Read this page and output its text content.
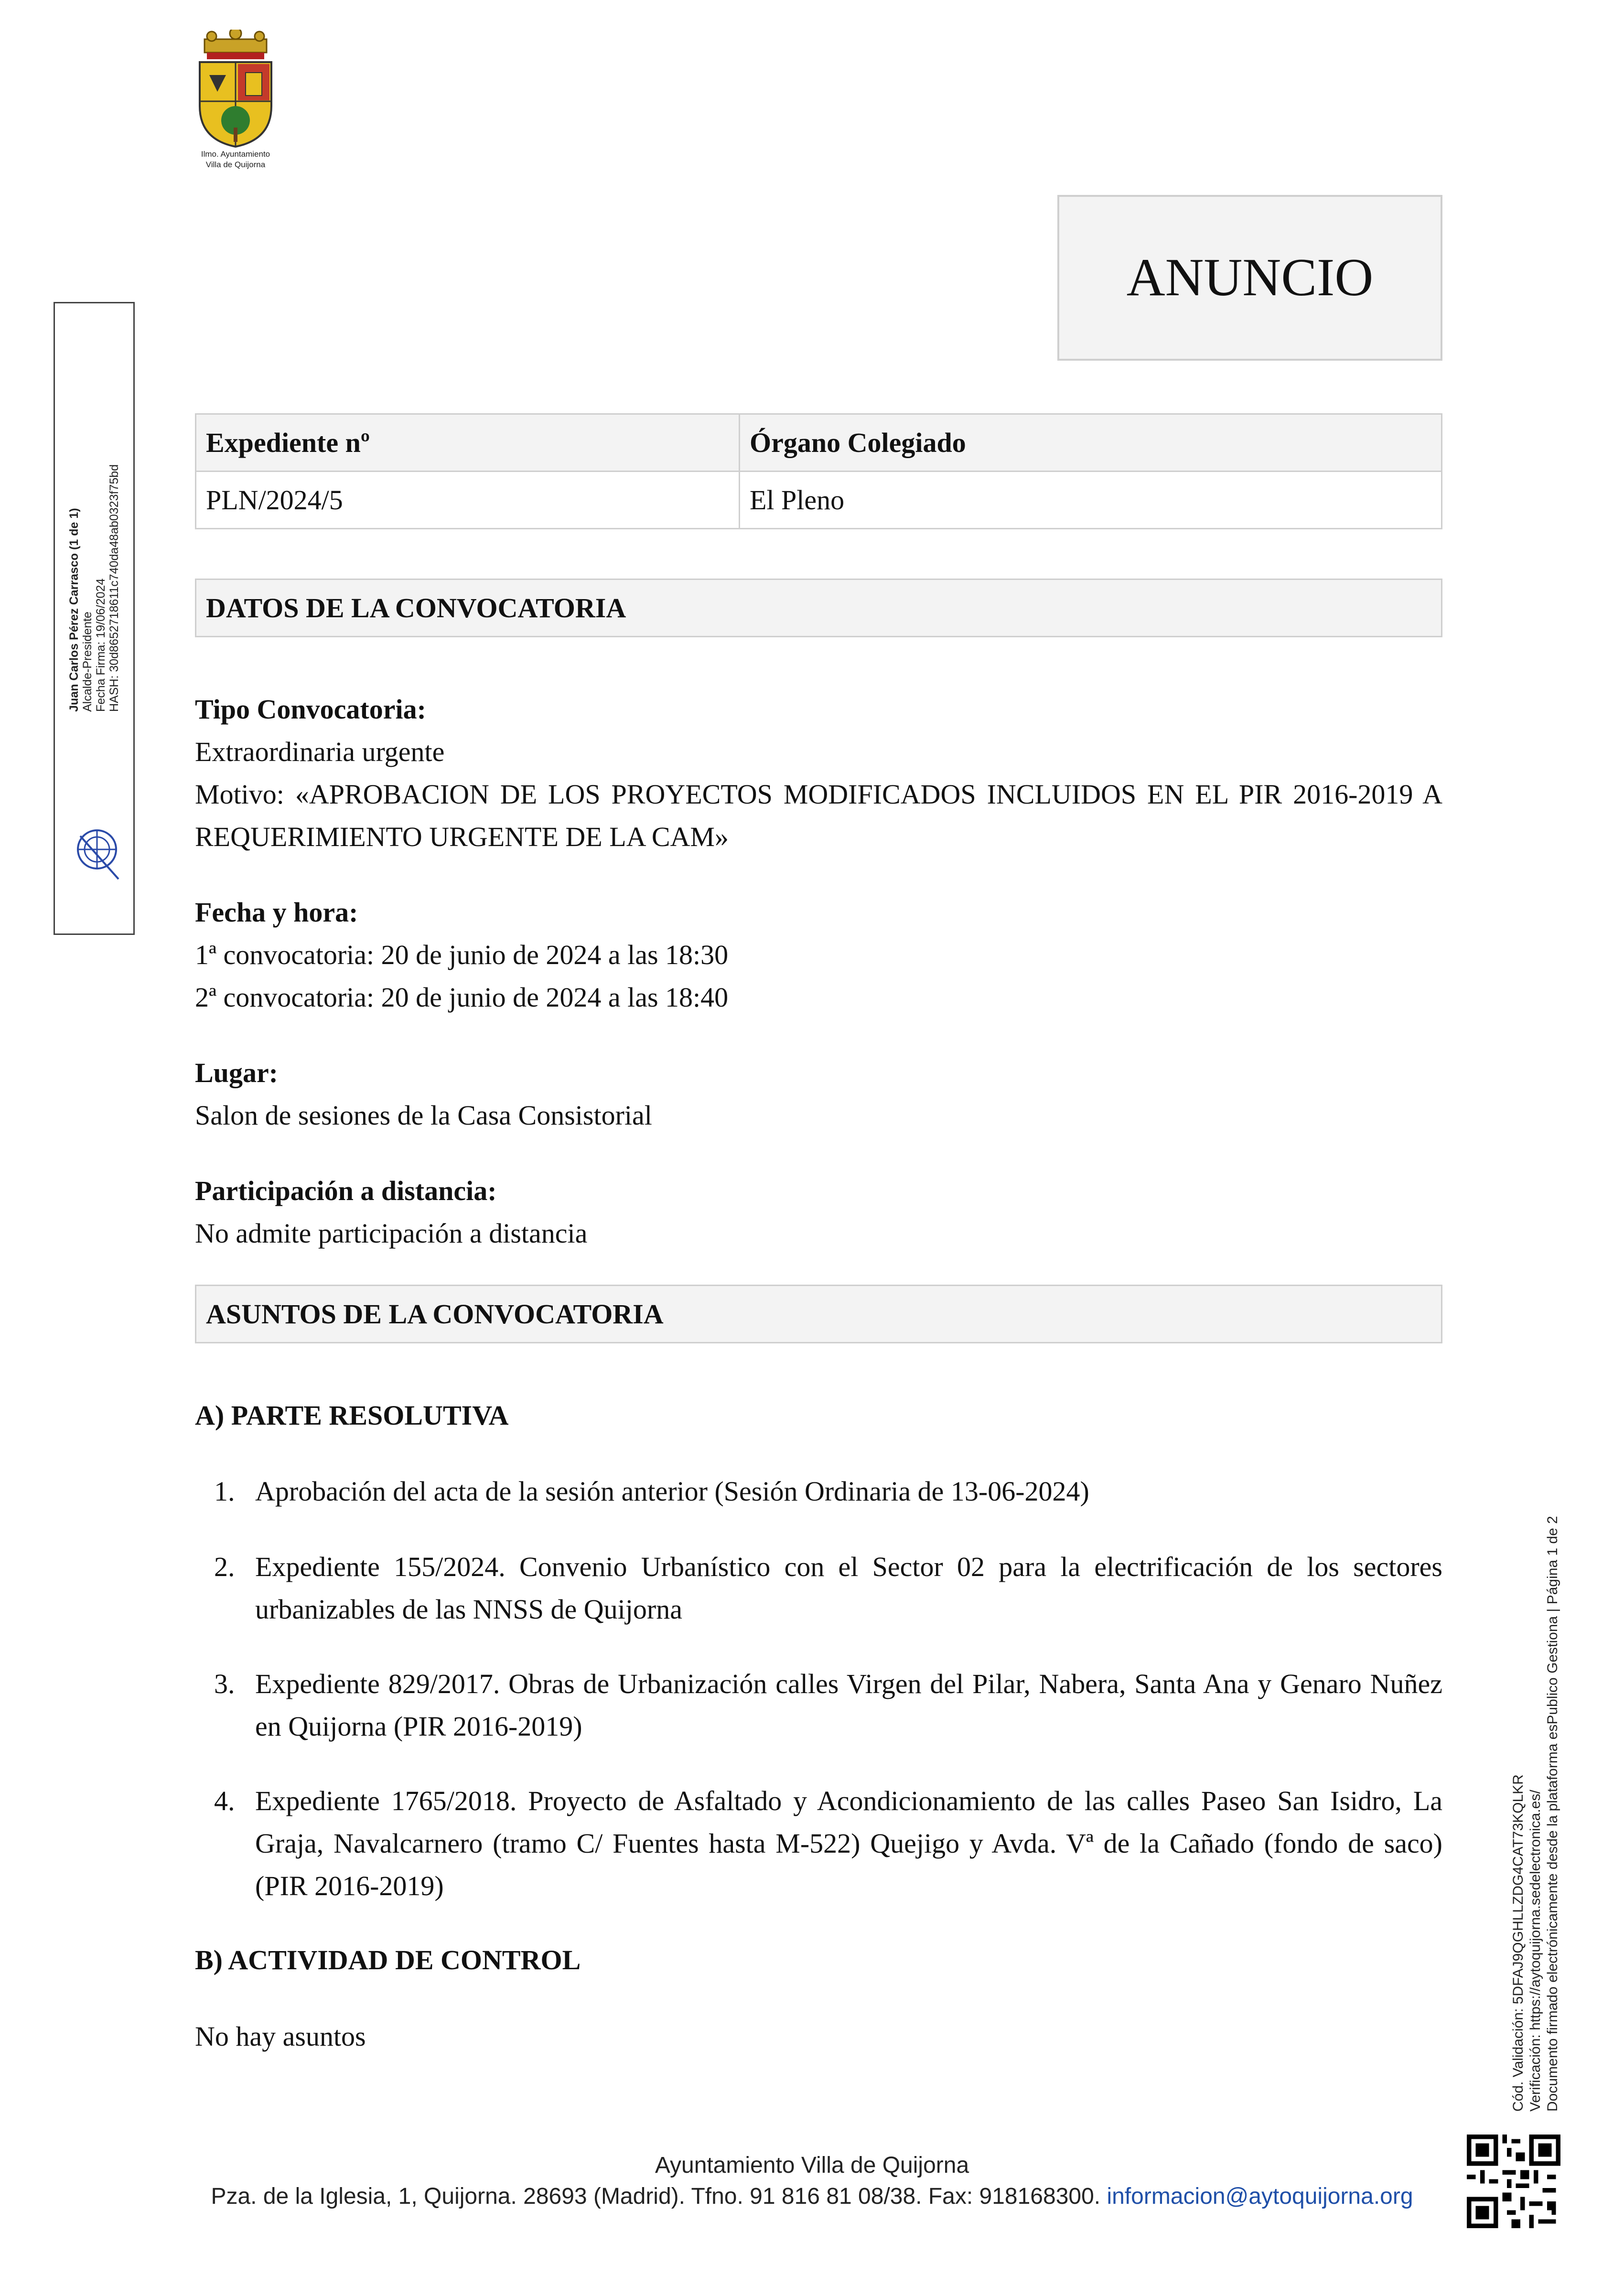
Ilmo. Ayuntamiento
Villa de Quijorna
ANUNCIO
Juan Carlos Pérez Carrasco (1 de 1) Alcalde-Presidente Fecha Firma: 19/06/2024 HASH: 30d8652718611c740da48ab0323f75bd
Expediente nº	Órgano Colegiado
PLN/2024/5	El Pleno
DATOS DE LA CONVOCATORIA

Tipo Convocatoria:

Extraordinaria urgente

Motivo: «APROBACION DE LOS PROYECTOS MODIFICADOS INCLUIDOS EN EL PIR 2016-2019 A REQUERIMIENTO URGENTE DE LA CAM»

Fecha y hora:

1ª convocatoria: 20 de junio de 2024 a las 18:30

2ª convocatoria: 20 de junio de 2024 a las 18:40

Lugar:

Salon de sesiones de la Casa Consistorial

Participación a distancia:

No admite participación a distancia

ASUNTOS DE LA CONVOCATORIA
A) PARTE RESOLUTIVA
1. Aprobación del acta de la sesión anterior (Sesión Ordinaria de 13-06-2024)
2. Expediente 155/2024. Convenio Urbanístico con el Sector 02 para la electrificación de los sectores urbanizables de las NNSS de Quijorna
3. Expediente 829/2017. Obras de Urbanización calles Virgen del Pilar, Nabera, Santa Ana y Genaro Nuñez en Quijorna (PIR 2016-2019)
4. Expediente 1765/2018. Proyecto de Asfaltado y Acondicionamiento de las calles Paseo San Isidro, La Graja, Navalcarnero (tramo C/ Fuentes hasta M-522) Quejigo y Avda. Vª de la Cañado (fondo de saco) (PIR 2016-2019)
B) ACTIVIDAD DE CONTROL
No hay asuntos	Cód. Validación: 5DFAJ9QGHLLZDG4CAT73KQLKR Verificación: https://aytoquijorna.sedelectronica.es/ Documento firmado electrónicamente desde la plataforma esPublico Gestiona | Página 1 de 2
Ayuntamiento Villa de Quijorna
Pza. de la Iglesia, 1, Quijorna. 28693 (Madrid). Tfno. 91 816 81 08/38. Fax: 918168300. informacion@aytoquijorna.org
